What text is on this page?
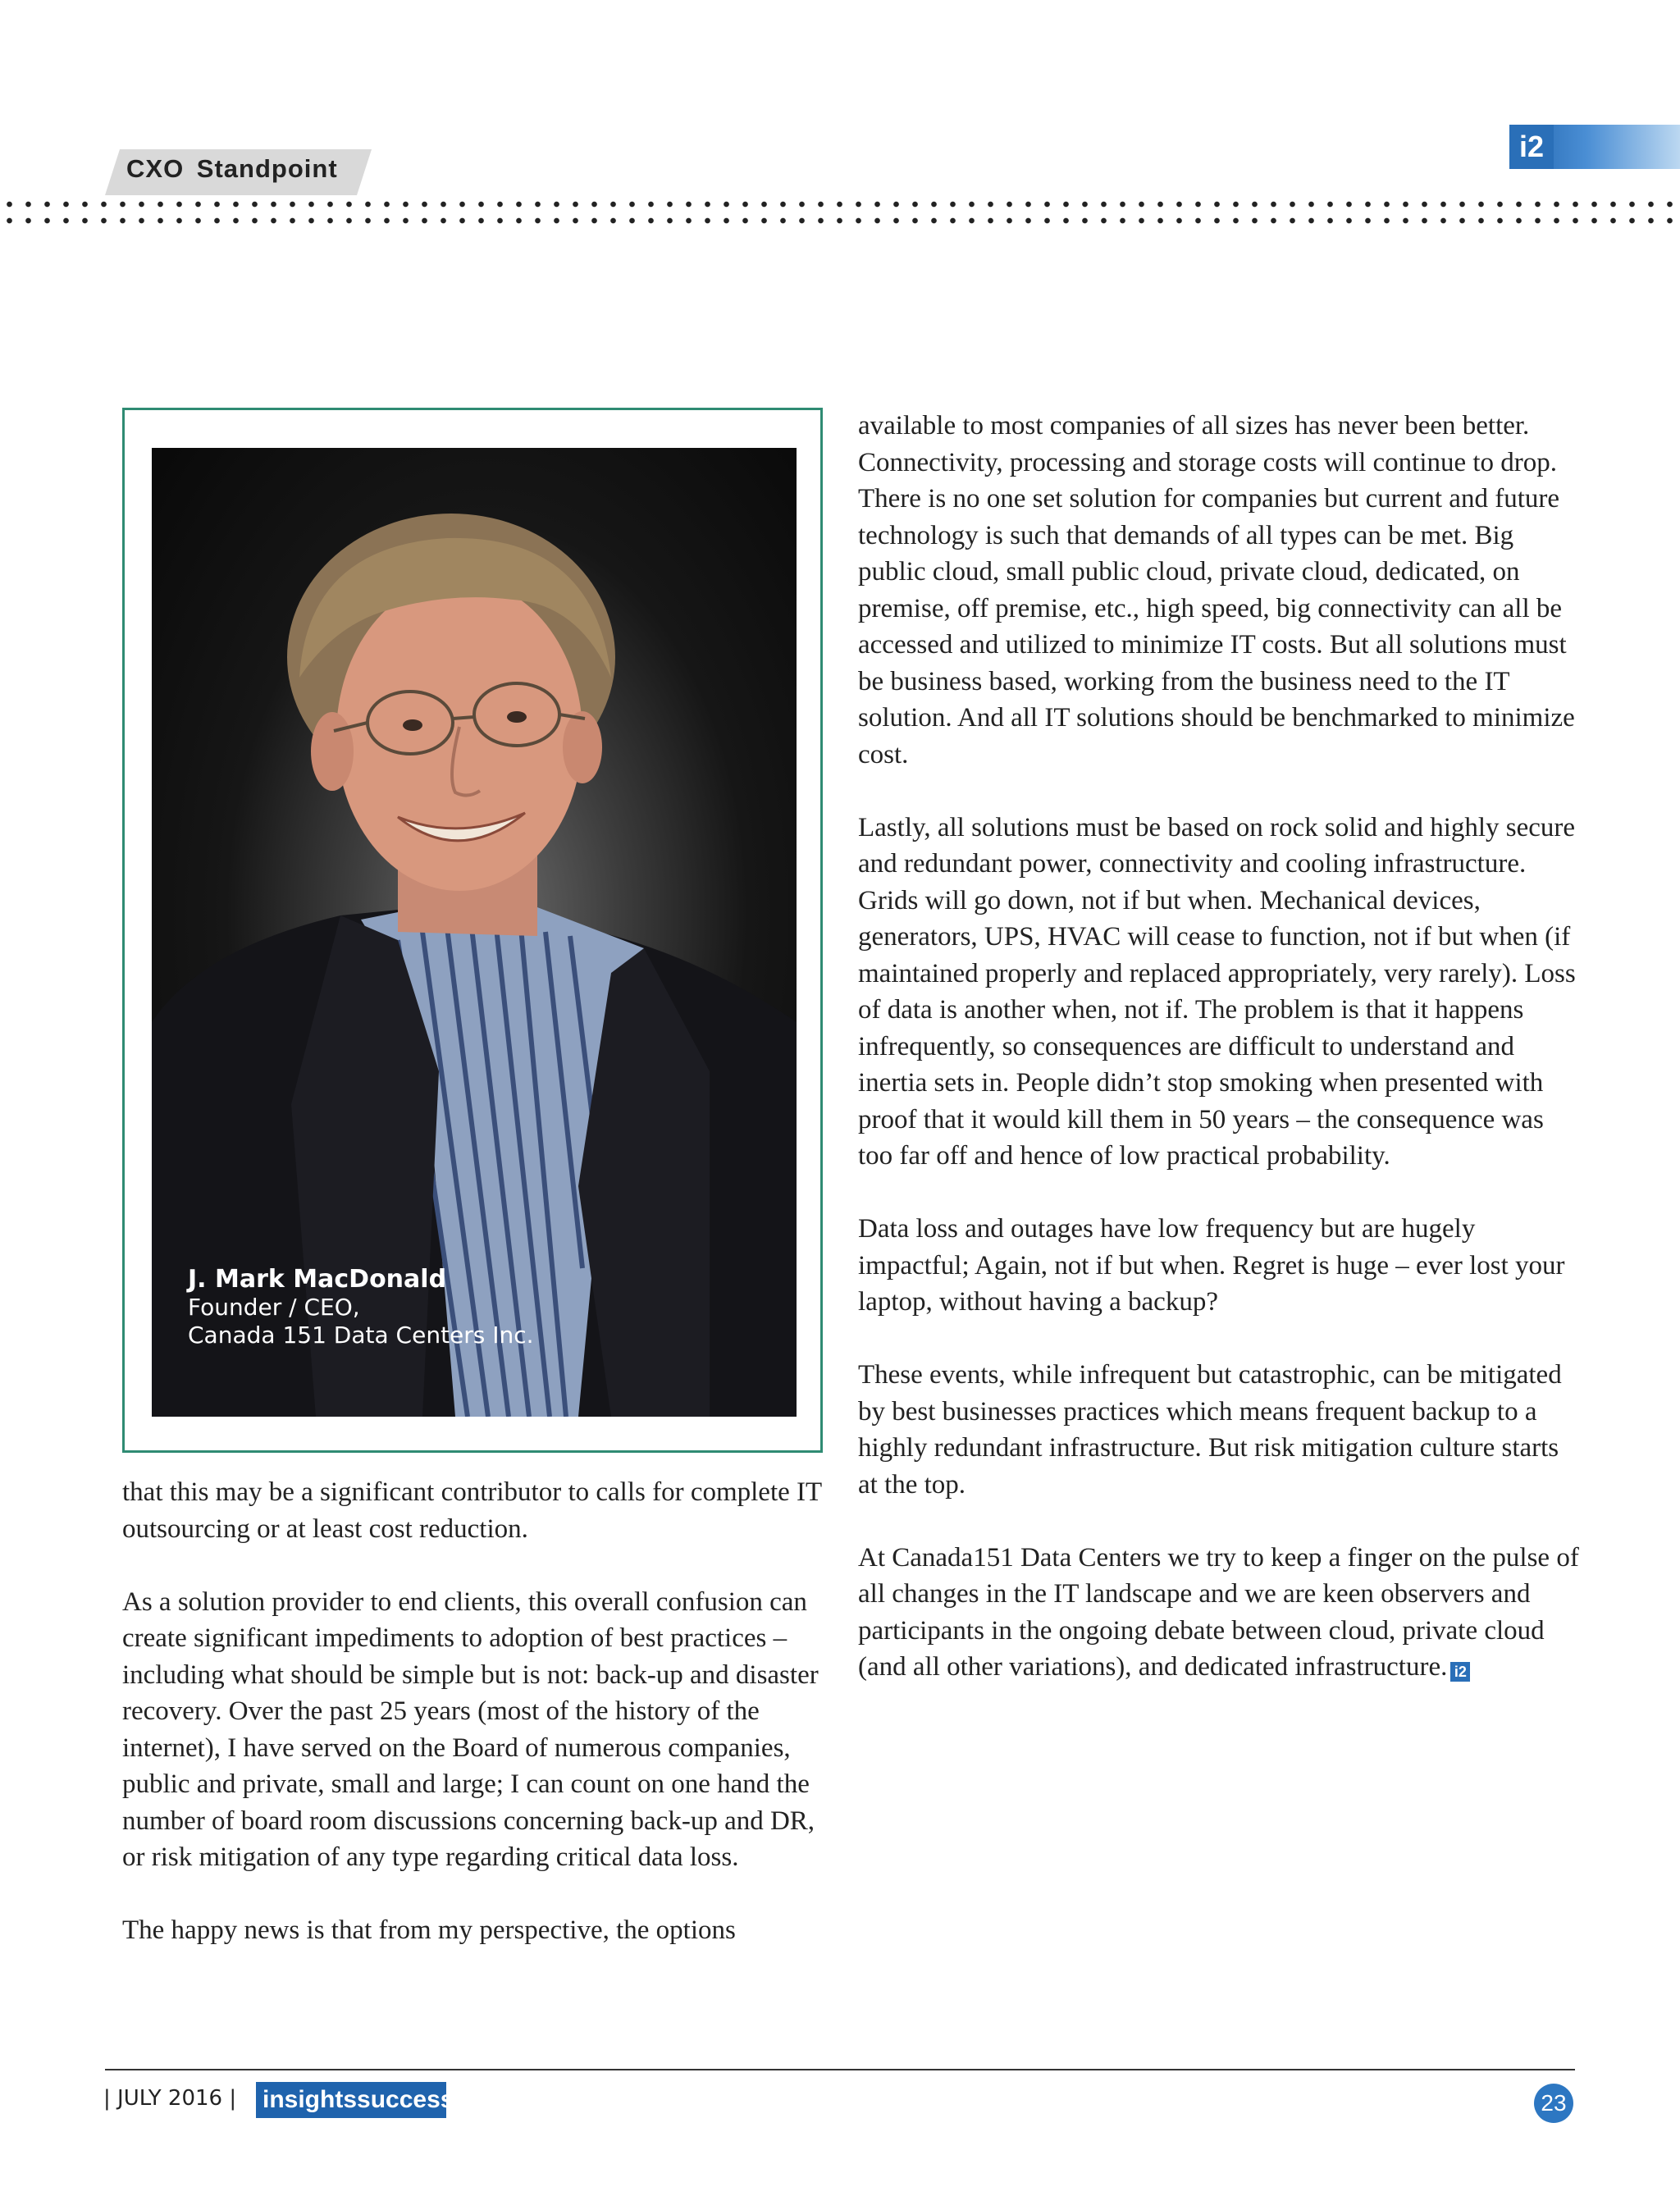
CXO Standpoint
i2
J. Mark MacDonald
Founder / CEO,
Canada 151 Data Centers Inc.

that this may be a significant contributor to calls for complete IT outsourcing or at least cost reduction.

As a solution provider to end clients, this overall confusion can create significant impediments to adoption of best practices – including what should be simple but is not: back-up and disaster recovery. Over the past 25 years (most of the history of the internet), I have served on the Board of numerous companies, public and private, small and large; I can count on one hand the number of board room discussions concerning back-up and DR, or risk mitigation of any type regarding critical data loss.

The happy news is that from my perspective, the options

available to most companies of all sizes has never been better. Connectivity, processing and storage costs will continue to drop. There is no one set solution for companies but current and future technology is such that demands of all types can be met. Big public cloud, small public cloud, private cloud, dedicated, on premise, off premise, etc., high speed, big connectivity can all be accessed and utilized to minimize IT costs. But all solutions must be business based, working from the business need to the IT solution. And all IT solutions should be benchmarked to minimize cost.

Lastly, all solutions must be based on rock solid and highly secure and redundant power, connectivity and cooling infrastructure. Grids will go down, not if but when. Mechanical devices, generators, UPS, HVAC will cease to function, not if but when (if maintained properly and replaced appropriately, very rarely). Loss of data is another when, not if. The problem is that it happens infrequently, so consequences are difficult to understand and inertia sets in. People didn’t stop smoking when presented with proof that it would kill them in 50 years – the consequence was too far off and hence of low practical probability.

Data loss and outages have low frequency but are hugely impactful; Again, not if but when. Regret is huge – ever lost your laptop, without having a backup?

These events, while infrequent but catastrophic, can be mitigated by best businesses practices which means frequent backup to a highly redundant infrastructure. But risk mitigation culture starts at the top.

At Canada151 Data Centers we try to keep a finger on the pulse of all changes in the IT landscape and we are keen observers and participants in the ongoing debate between cloud, private cloud (and all other variations), and dedicated infrastructure. i2

| JULY 2016 | insightssuccess	23
